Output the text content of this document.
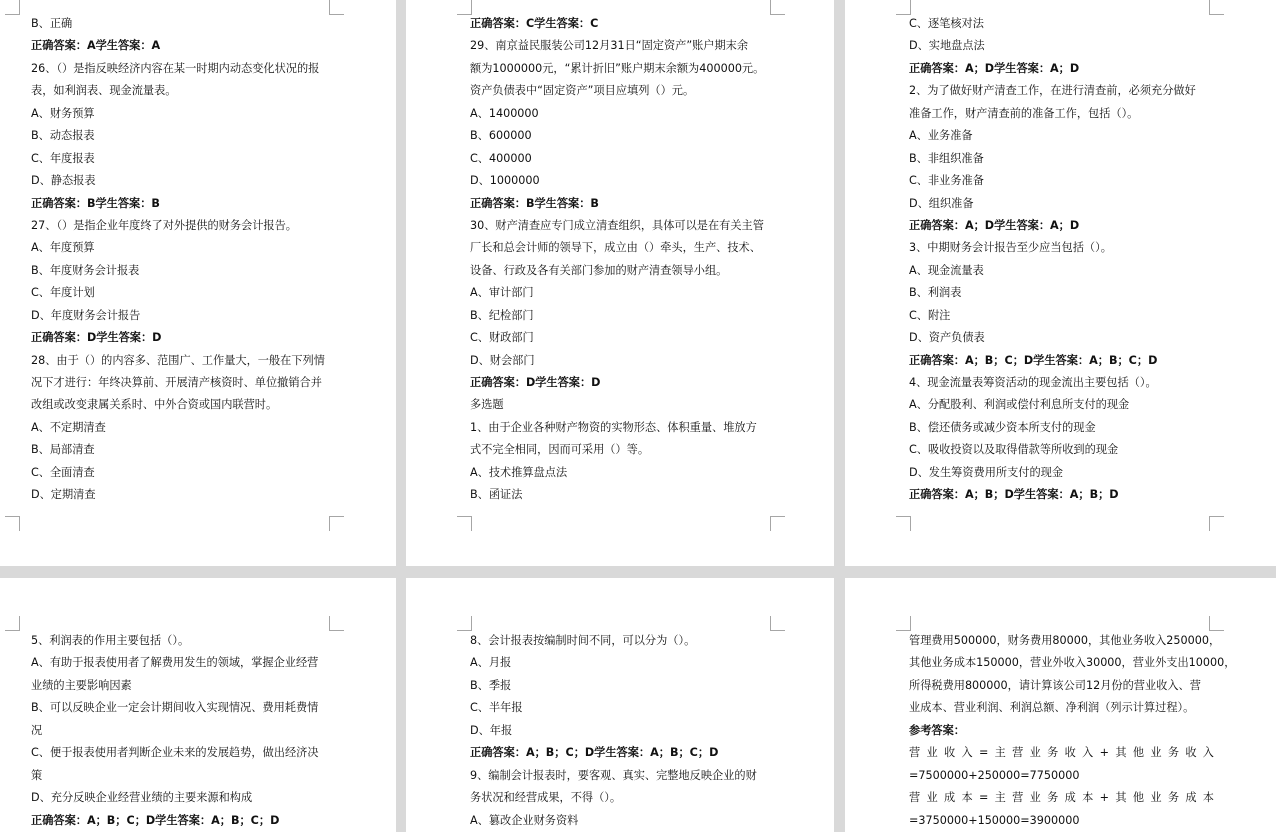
B、正确
正确答案：A学生答案：A
26、（）是指反映经济内容在某一时期内动态变化状况的报
表，如利润表、现金流量表。
A、财务预算
B、动态报表
C、年度报表
D、静态报表
正确答案：B学生答案：B
27、（）是指企业年度终了对外提供的财务会计报告。
A、年度预算
B、年度财务会计报表
C、年度计划
D、年度财务会计报告
正确答案：D学生答案：D
28、由于（）的内容多、范围广、工作量大，一般在下列情
况下才进行：年终决算前、开展清产核资时、单位撤销合并
改组或改变隶属关系时、中外合资或国内联营时。
A、不定期清查
B、局部清查
C、全面清查
D、定期清查
正确答案：C学生答案：C
29、南京益民服装公司12月31日“固定资产”账户期末余
额为1000000元，“累计折旧”账户期末余额为400000元。
资产负债表中“固定资产”项目应填列（）元。
A、1400000
B、600000
C、400000
D、1000000
正确答案：B学生答案：B
30、财产清查应专门成立清查组织，具体可以是在有关主管
厂长和总会计师的领导下，成立由（）牵头，生产、技术、
设备、行政及各有关部门参加的财产清查领导小组。
A、审计部门
B、纪检部门
C、财政部门
D、财会部门
正确答案：D学生答案：D
多选题
1、由于企业各种财产物资的实物形态、体积重量、堆放方
式不完全相同，因而可采用（）等。
A、技术推算盘点法
B、函证法
C、逐笔核对法
D、实地盘点法
正确答案：A；D学生答案：A；D
2、为了做好财产清查工作，在进行清查前，必须充分做好
准备工作，财产清查前的准备工作，包括（）。
A、业务准备
B、非组织准备
C、非业务准备
D、组织准备
正确答案：A；D学生答案：A；D
3、中期财务会计报告至少应当包括（）。
A、现金流量表
B、利润表
C、附注
D、资产负债表
正确答案：A；B；C；D学生答案：A；B；C；D
4、现金流量表筹资活动的现金流出主要包括（）。
A、分配股利、利润或偿付利息所支付的现金
B、偿还债务或减少资本所支付的现金
C、吸收投资以及取得借款等所收到的现金
D、发生筹资费用所支付的现金
正确答案：A；B；D学生答案：A；B；D
5、利润表的作用主要包括（）。
A、有助于报表使用者了解费用发生的领域，掌握企业经营
业绩的主要影响因素
B、可以反映企业一定会计期间收入实现情况、费用耗费情
况
C、便于报表使用者判断企业未来的发展趋势，做出经济决
策
D、充分反映企业经营业绩的主要来源和构成
正确答案：A；B；C；D学生答案：A；B；C；D
8、会计报表按编制时间不同，可以分为（）。
A、月报
B、季报
C、半年报
D、年报
正确答案：A；B；C；D学生答案：A；B；C；D
9、编制会计报表时，要客观、真实、完整地反映企业的财
务状况和经营成果，不得（）。
A、篡改企业财务资料
管理费用500000，财务费用80000，其他业务收入250000，
其他业务成本150000，营业外收入30000，营业外支出10000，
所得税费用800000，请计算该公司12月份的营业收入、营
业成本、营业利润、利润总额、净利润（列示计算过程）。
参考答案：
营业收入=主营业务收入+其他业务收入
=7500000+250000=7750000
营业成本=主营业务成本+其他业务成本
=3750000+150000=3900000
